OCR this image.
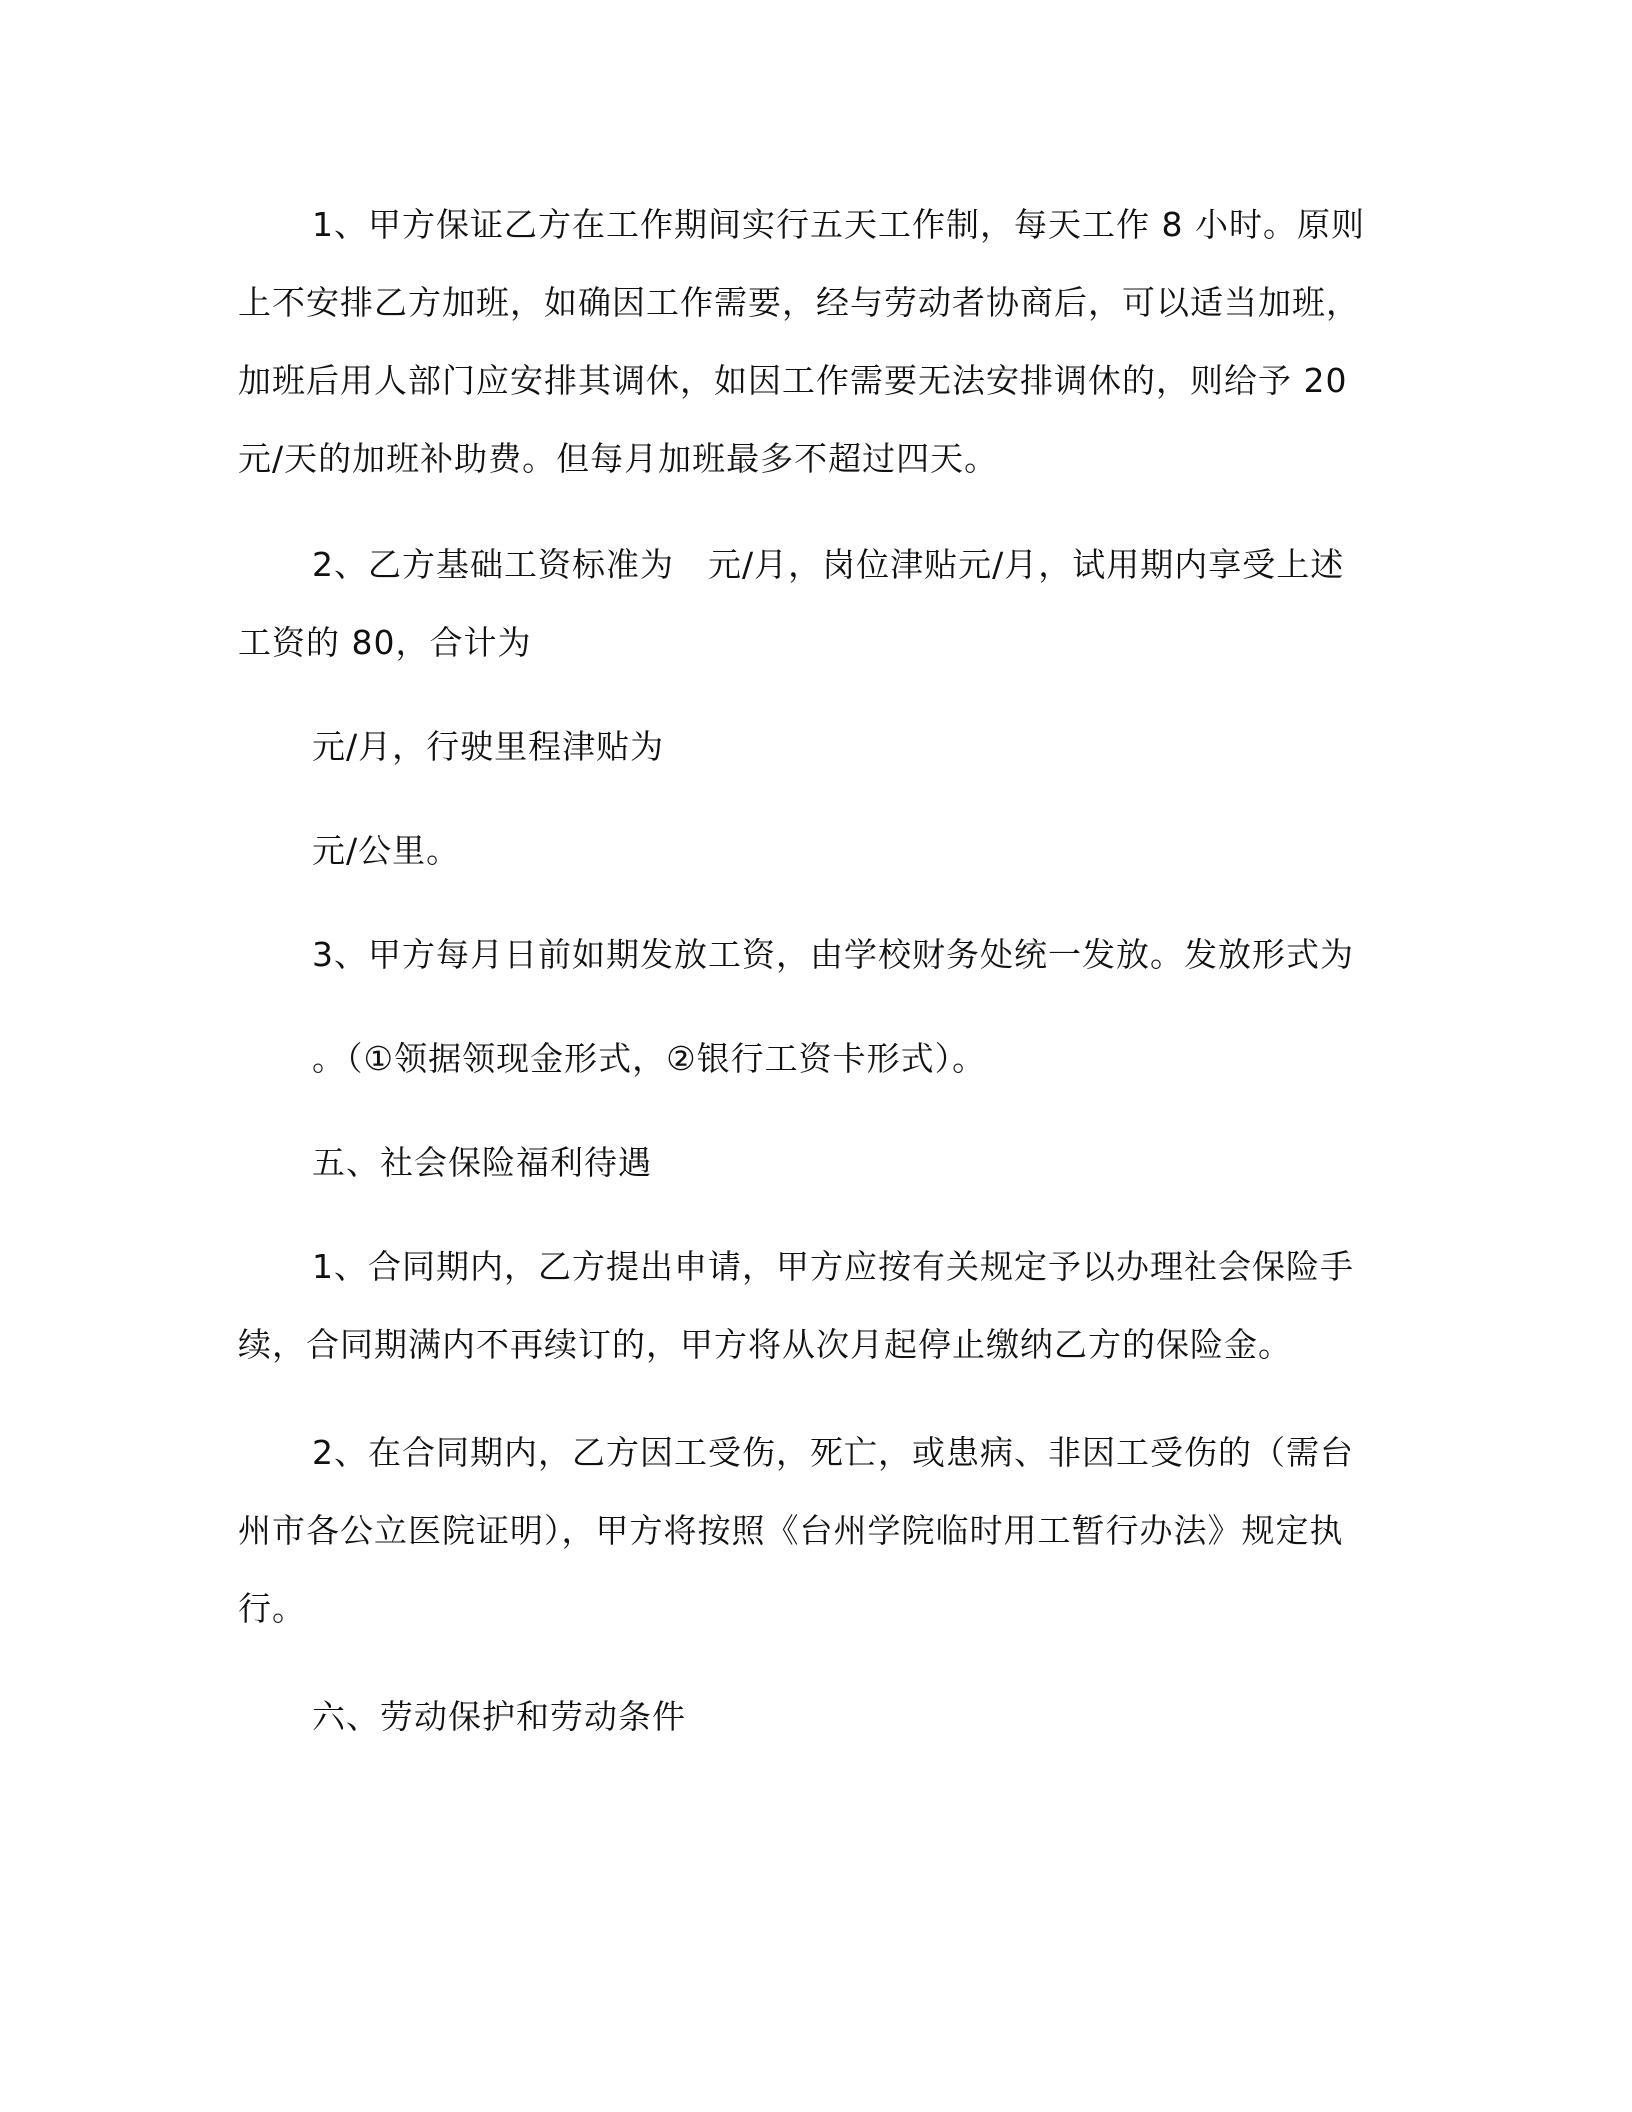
1、甲方保证乙方在工作期间实行五天工作制，每天工作 8 小时。原则上不安排乙方加班，如确因工作需要，经与劳动者协商后，可以适当加班，加班后用人部门应安排其调休，如因工作需要无法安排调休的，则给予 20 元/天的加班补助费。但每月加班最多不超过四天。

2、乙方基础工资标准为　元/月，岗位津贴元/月，试用期内享受上述工资的 80，合计为

元/月，行驶里程津贴为

元/公里。

3、甲方每月日前如期发放工资，由学校财务处统一发放。发放形式为

。（①领据领现金形式，②银行工资卡形式）。

五、社会保险福利待遇

1、合同期内，乙方提出申请，甲方应按有关规定予以办理社会保险手续，合同期满内不再续订的，甲方将从次月起停止缴纳乙方的保险金。

2、在合同期内，乙方因工受伤，死亡，或患病、非因工受伤的（需台州市各公立医院证明），甲方将按照《台州学院临时用工暂行办法》规定执行。

六、劳动保护和劳动条件
